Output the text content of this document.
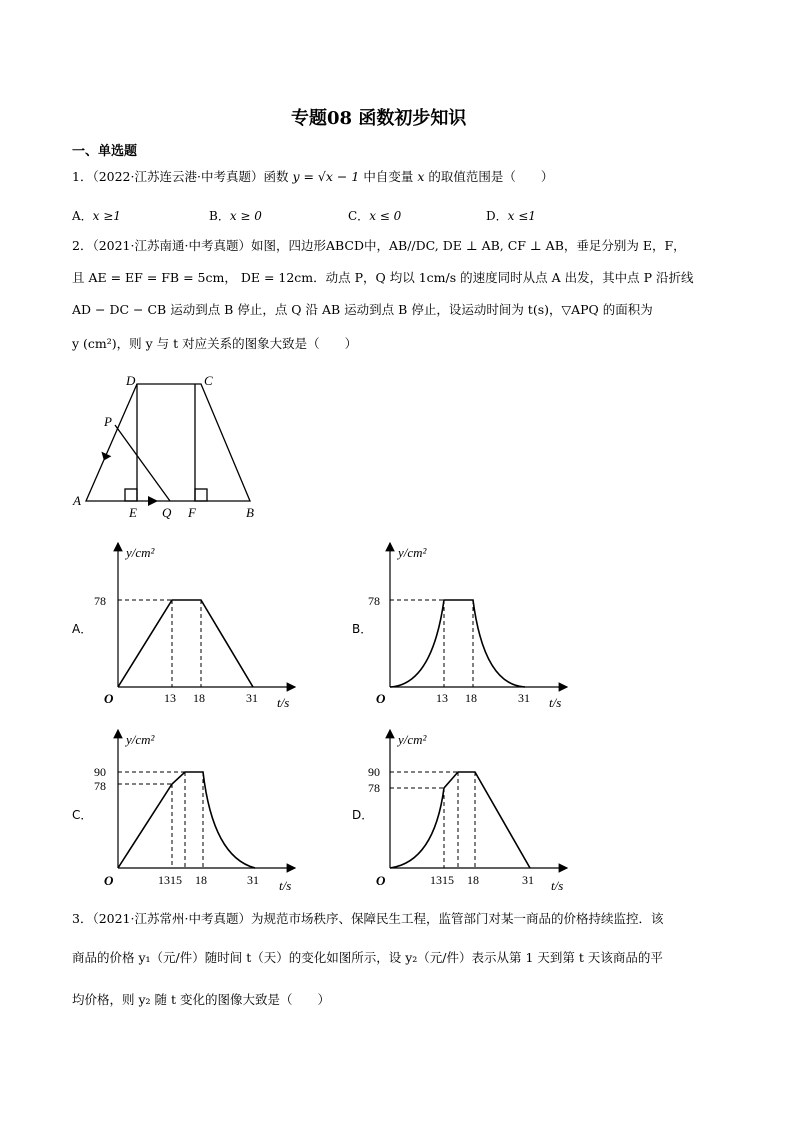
专题08 函数初步知识
一、单选题
1．（2022·江苏连云港·中考真题）函数 y = √x − 1 中自变量 x 的取值范围是（　　）
A．x ≥1	B．x ≥ 0	C．x ≤ 0	D．x ≤1
2．（2021·江苏南通·中考真题）如图，四边形ABCD中，AB//DC, DE ⊥ AB, CF ⊥ AB，垂足分别为 E，F，
且 AE = EF = FB = 5cm， DE = 12cm．动点 P，Q 均以 1cm/s 的速度同时从点 A 出发，其中点 P 沿折线
AD − DC − CB 运动到点 B 停止，点 Q 沿 AB 运动到点 B 停止，设运动时间为 t(s)，▽APQ 的面积为
y (cm²)，则 y 与 t 对应关系的图象大致是（　　）
D	C
P
A
E Q F	B
A．	B．
C．	D．
y/cm²
78
O	13 18	31 t/s
y/cm²
78
O	13 18	31 t/s
y/cm²
90
78
O	1315 18	31 t/s
y/cm²
90
78
O	1315 18	31 t/s
3．（2021·江苏常州·中考真题）为规范市场秩序、保障民生工程，监管部门对某一商品的价格持续监控．该
商品的价格 y₁（元/件）随时间 t（天）的变化如图所示，设 y₂（元/件）表示从第 1 天到第 t 天该商品的平
均价格，则 y₂ 随 t 变化的图像大致是（　　）
